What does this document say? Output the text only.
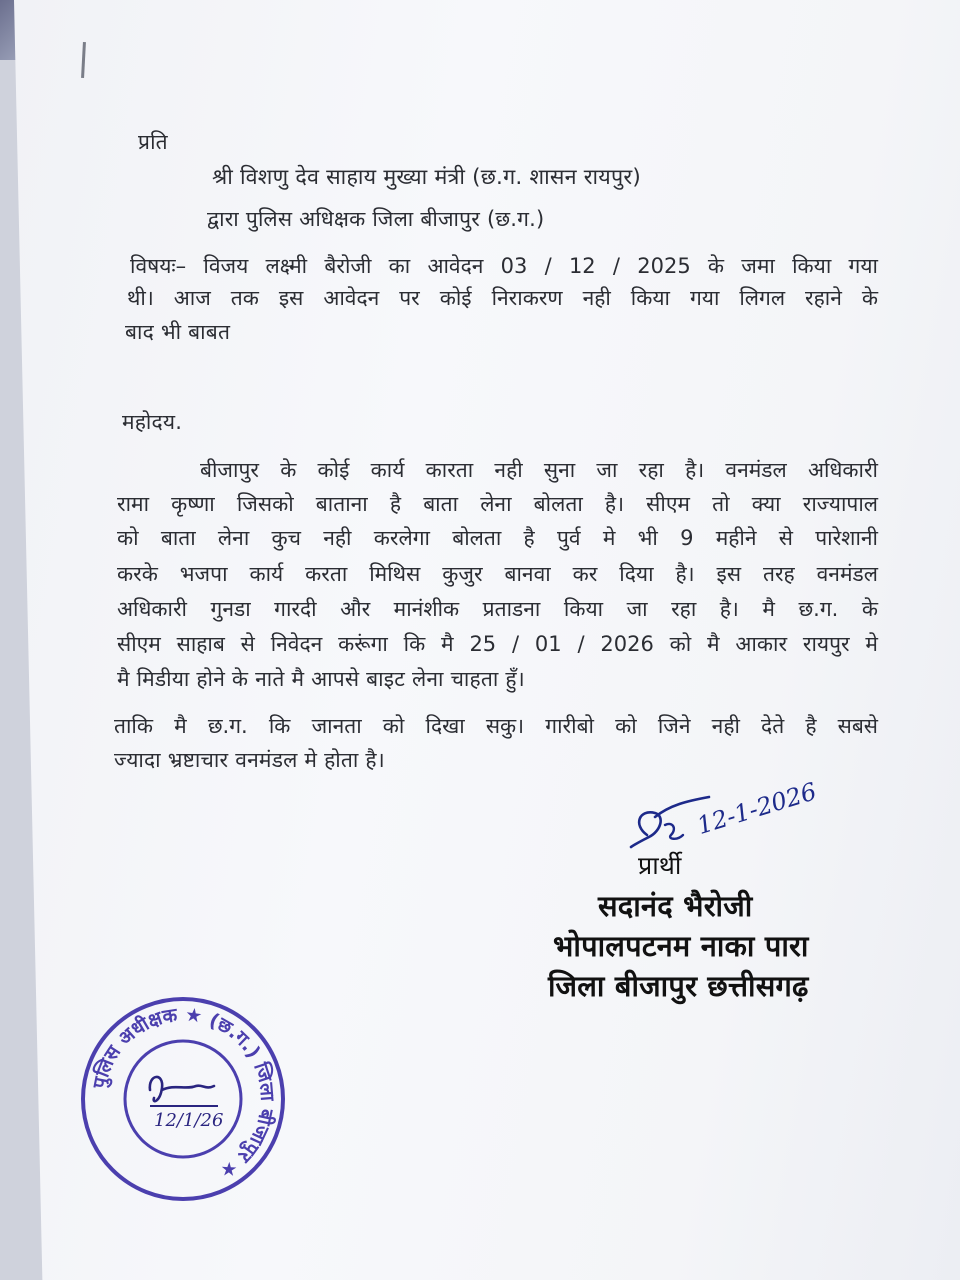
प्रति
श्री विशणु देव साहाय मुख्या मंत्री (छ.ग. शासन रायपुर)
द्वारा पुलिस अधिक्षक जिला बीजापुर (छ.ग.)
विषयः– विजय लक्ष्मी बैरोजी का आवेदन 03 / 12 / 2025 के जमा किया गया
थी। आज तक इस आवेदन पर कोई निराकरण नही किया गया लिगल रहाने के
बाद भी बाबत
महोदय.
बीजापुर के कोई कार्य कारता नही सुना जा रहा है। वनमंडल अधिकारी
रामा कृष्णा जिसको बाताना है बाता लेना बोलता है। सीएम तो क्या राज्यापाल
को बाता लेना कुच नही करलेगा बोलता है पुर्व मे भी 9 महीने से पारेशानी
करके भजपा कार्य करता मिथिस कुजुर बानवा कर दिया है। इस तरह वनमंडल
अधिकारी गुनडा गारदी और मानंशीक प्रताडना किया जा रहा है। मै छ.ग. के
सीएम साहाब से निवेदन करूंगा कि मै 25 / 01 / 2026 को मै आकार रायपुर मे
मै मिडीया होने के नाते मै आपसे बाइट लेना चाहता हुँ।
ताकि मै छ.ग. कि जानता को दिखा सकु। गारीबो को जिने नही देते है सबसे
ज्यादा भ्रष्टाचार वनमंडल मे होता है।
12-1-2026
प्रार्थी
सदानंद भैरोजी
भोपालपटनम नाका पारा
जिला बीजापुर छत्तीसगढ़
पुलिस अधीक्षक ★ (छ.ग.) जिला बीजापुर ★
12/1/26
